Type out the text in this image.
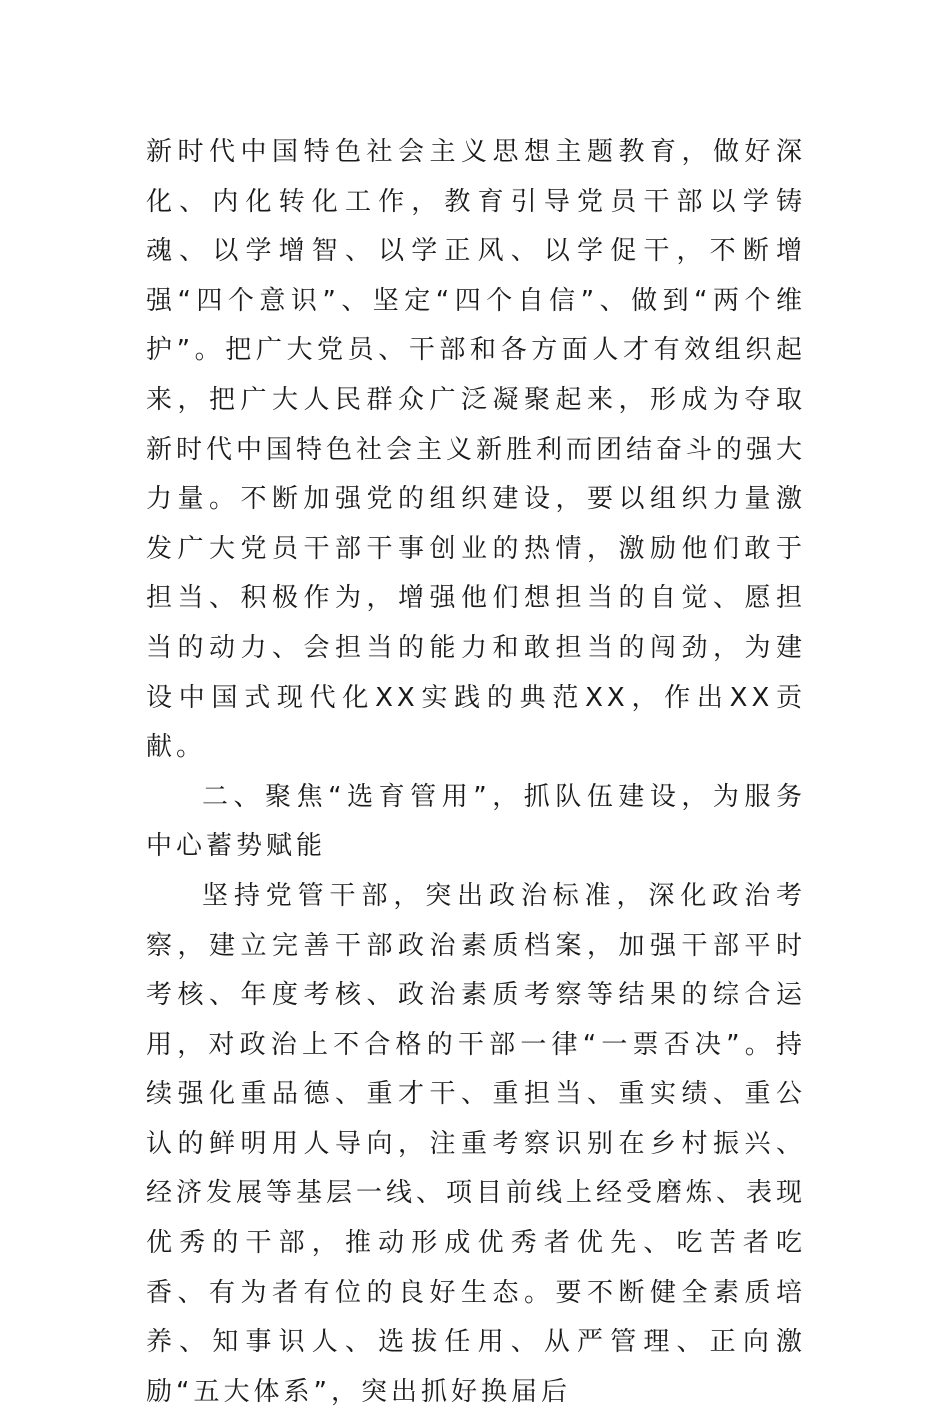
新时代中国特色社会主义思想主题教育，做好深化、内化转化工作，教育引导党员干部以学铸魂、以学增智、以学正风、以学促干，不断增强“四个意识”、坚定“四个自信”、做到“两个维护”。把广大党员、干部和各方面人才有效组织起来，把广大人民群众广泛凝聚起来，形成为夺取新时代中国特色社会主义新胜利而团结奋斗的强大力量。不断加强党的组织建设，要以组织力量激发广大党员干部干事创业的热情，激励他们敢于担当、积极作为，增强他们想担当的自觉、愿担当的动力、会担当的能力和敢担当的闯劲，为建设中国式现代化XX实践的典范XX，作出XX贡献。

二、聚焦“选育管用”，抓队伍建设，为服务中心蓄势赋能

坚持党管干部，突出政治标准，深化政治考察，建立完善干部政治素质档案，加强干部平时考核、年度考核、政治素质考察等结果的综合运用，对政治上不合格的干部一律“一票否决”。持续强化重品德、重才干、重担当、重实绩、重公认的鲜明用人导向，注重考察识别在乡村振兴、经济发展等基层一线、项目前线上经受磨炼、表现优秀的干部，推动形成优秀者优先、吃苦者吃香、有为者有位的良好生态。要不断健全素质培养、知事识人、选拔任用、从严管理、正向激励“五大体系”，突出抓好换届后
